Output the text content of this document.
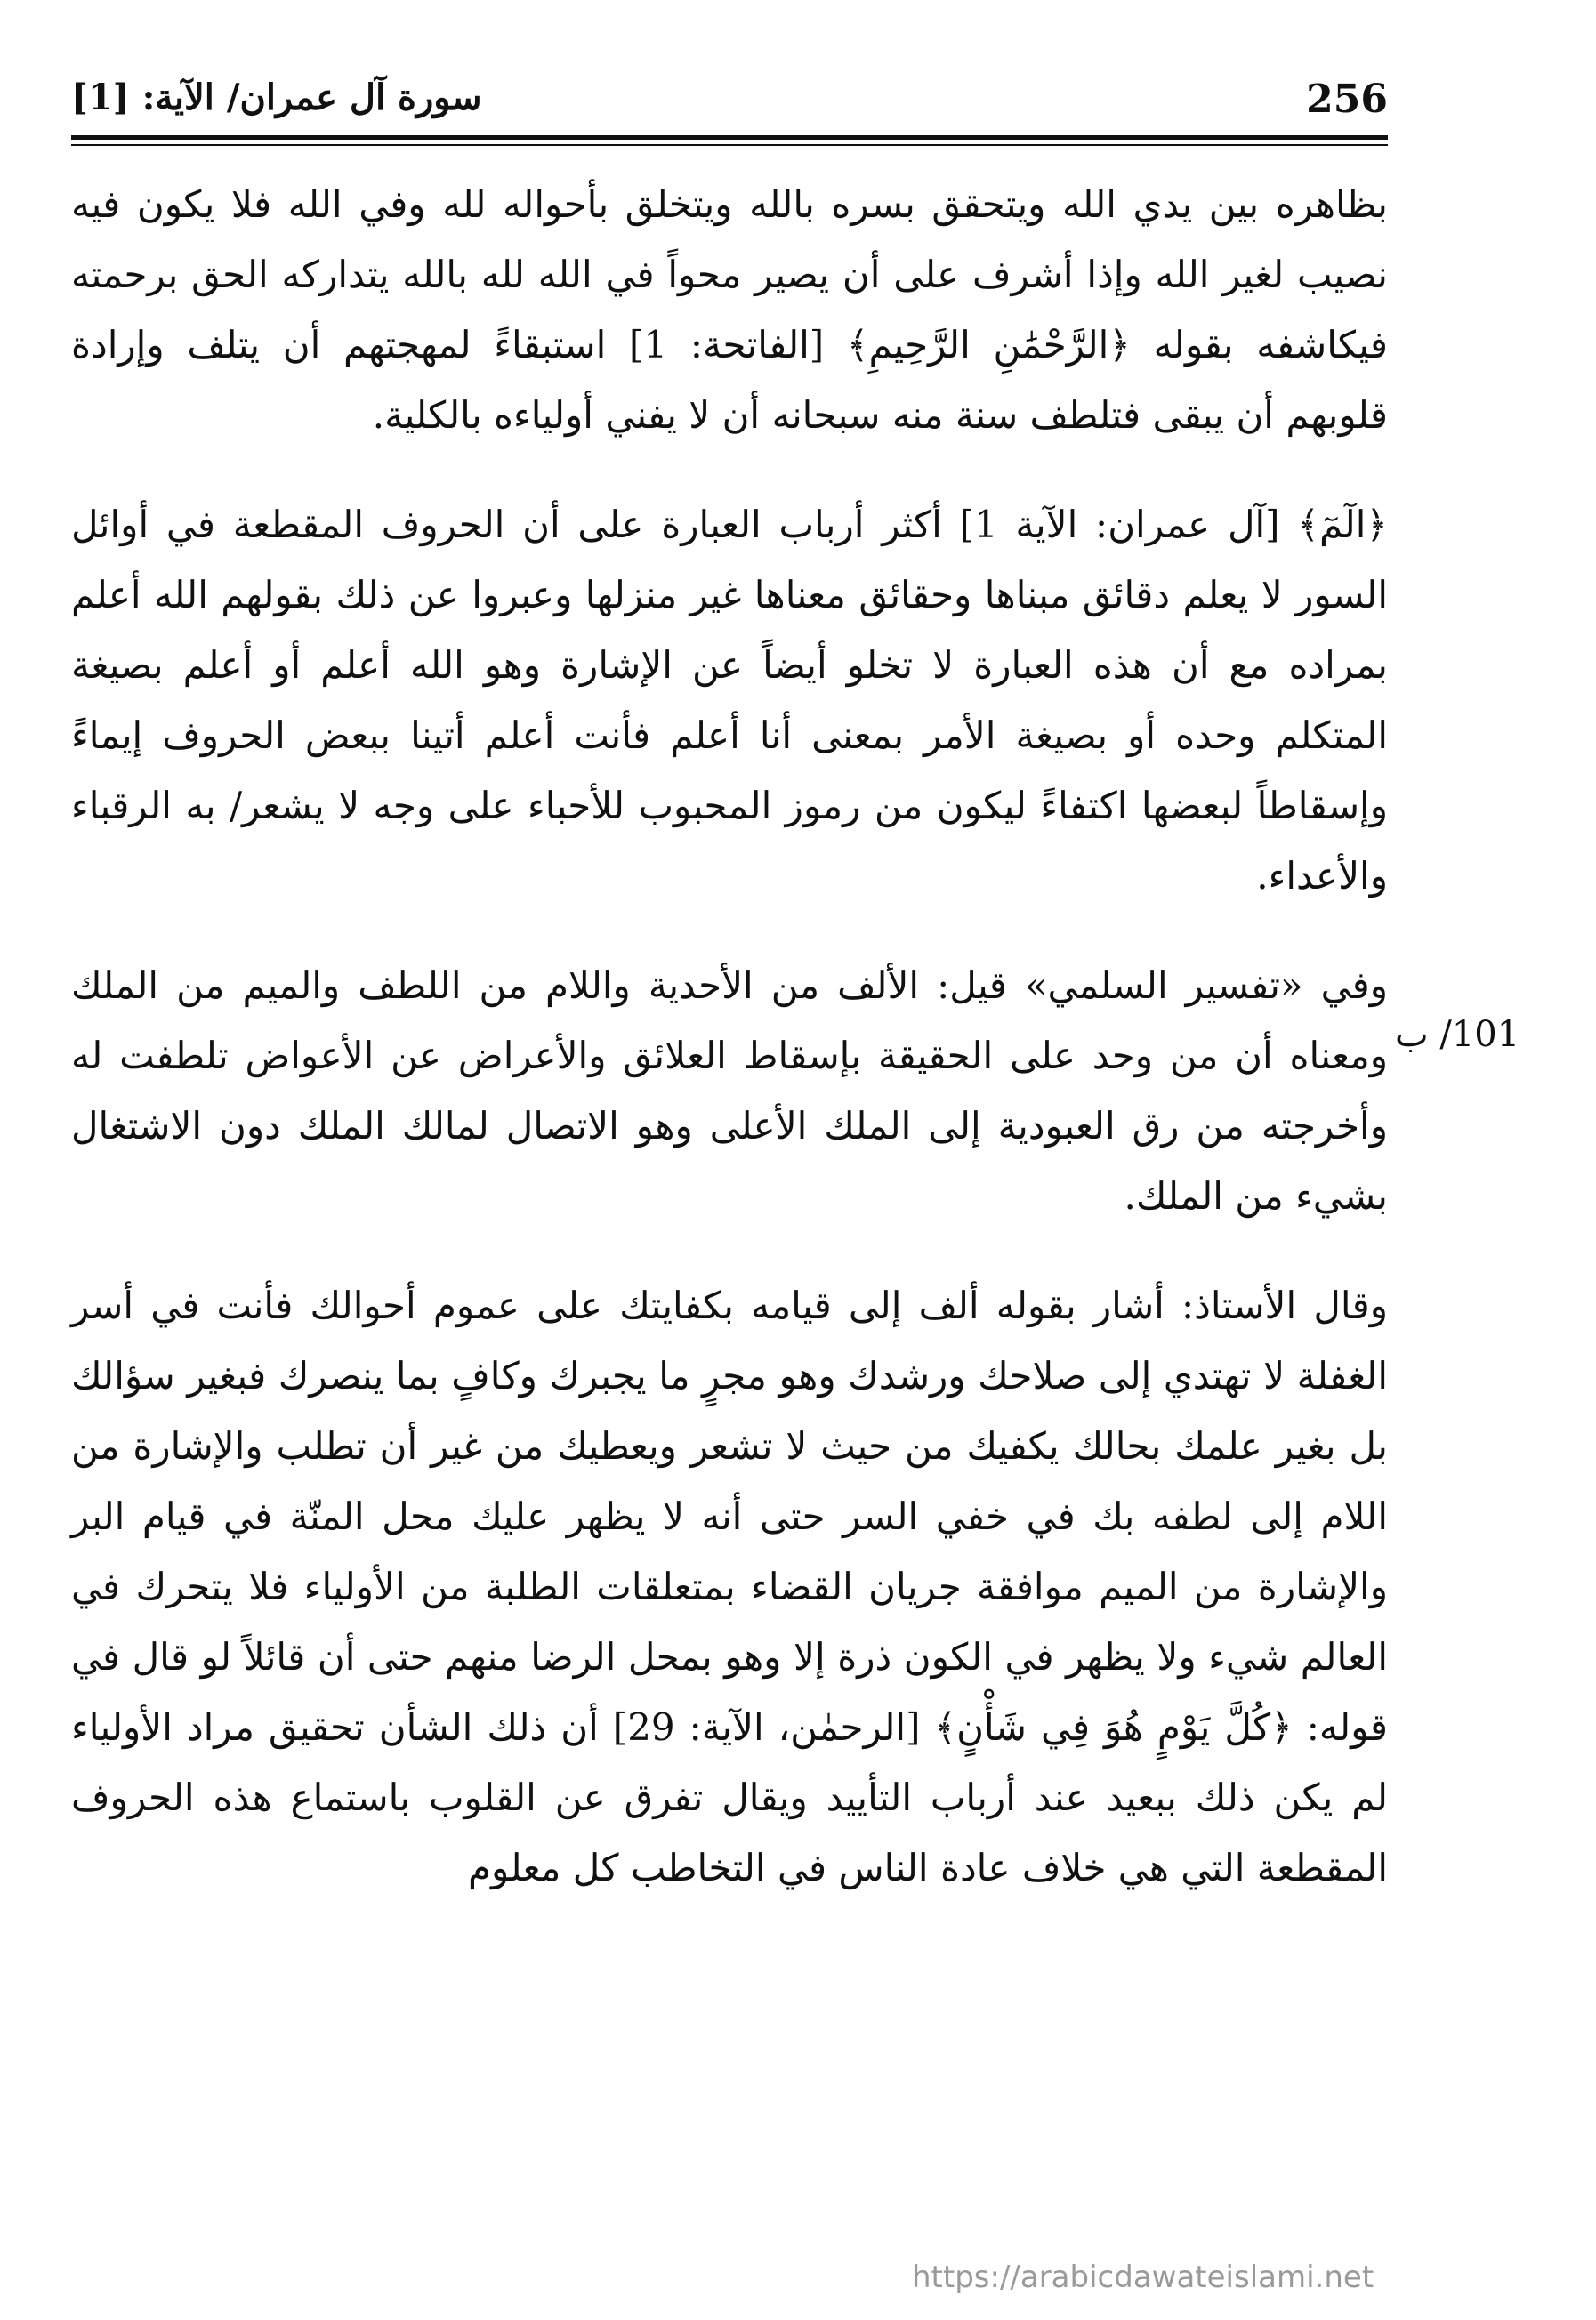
256
سورة آل عمران/ الآية: [1]

بظاهره بين يدي الله ويتحقق بسره بالله ويتخلق بأحواله لله وفي الله فلا يكون فيه نصيب لغير الله وإذا أشرف على أن يصير محواً في الله لله بالله يتداركه الحق برحمته فيكاشفه بقوله ﴿الرَّحْمَٰنِ الرَّحِيمِ﴾ [الفاتحة: 1] استبقاءً لمهجتهم أن يتلف وإرادة قلوبهم أن يبقى فتلطف سنة منه سبحانه أن لا يفني أولياءه بالكلية.

﴿الٓمٓ﴾ [آل عمران: الآية 1] أكثر أرباب العبارة على أن الحروف المقطعة في أوائل السور لا يعلم دقائق مبناها وحقائق معناها غير منزلها وعبروا عن ذلك بقولهم الله أعلم بمراده مع أن هذه العبارة لا تخلو أيضاً عن الإشارة وهو الله أعلم أو أعلم بصيغة المتكلم وحده أو بصيغة الأمر بمعنى أنا أعلم فأنت أعلم أتينا ببعض الحروف إيماءً وإسقاطاً لبعضها اكتفاءً ليكون من رموز المحبوب للأحباء على وجه لا يشعر/ به الرقباء والأعداء.

وفي «تفسير السلمي» قيل: الألف من الأحدية واللام من اللطف والميم من الملك ومعناه أن من وحد على الحقيقة بإسقاط العلائق والأعراض عن الأعواض تلطفت له وأخرجته من رق العبودية إلى الملك الأعلى وهو الاتصال لمالك الملك دون الاشتغال بشيء من الملك.

وقال الأستاذ: أشار بقوله ألف إلى قيامه بكفايتك على عموم أحوالك فأنت في أسر الغفلة لا تهتدي إلى صلاحك ورشدك وهو مجرٍ ما يجبرك وكافٍ بما ينصرك فبغير سؤالك بل بغير علمك بحالك يكفيك من حيث لا تشعر ويعطيك من غير أن تطلب والإشارة من اللام إلى لطفه بك في خفي السر حتى أنه لا يظهر عليك محل المنّة في قيام البر والإشارة من الميم موافقة جريان القضاء بمتعلقات الطلبة من الأولياء فلا يتحرك في العالم شيء ولا يظهر في الكون ذرة إلا وهو بمحل الرضا منهم حتى أن قائلاً لو قال في قوله: ﴿كُلَّ يَوْمٍ هُوَ فِي شَأْنٍ﴾ [الرحمٰن، الآية: 29] أن ذلك الشأن تحقيق مراد الأولياء لم يكن ذلك ببعيد عند أرباب التأييد ويقال تفرق عن القلوب باستماع هذه الحروف المقطعة التي هي خلاف عادة الناس في التخاطب كل معلوم

101/ ب
https://arabicdawateislami.net
